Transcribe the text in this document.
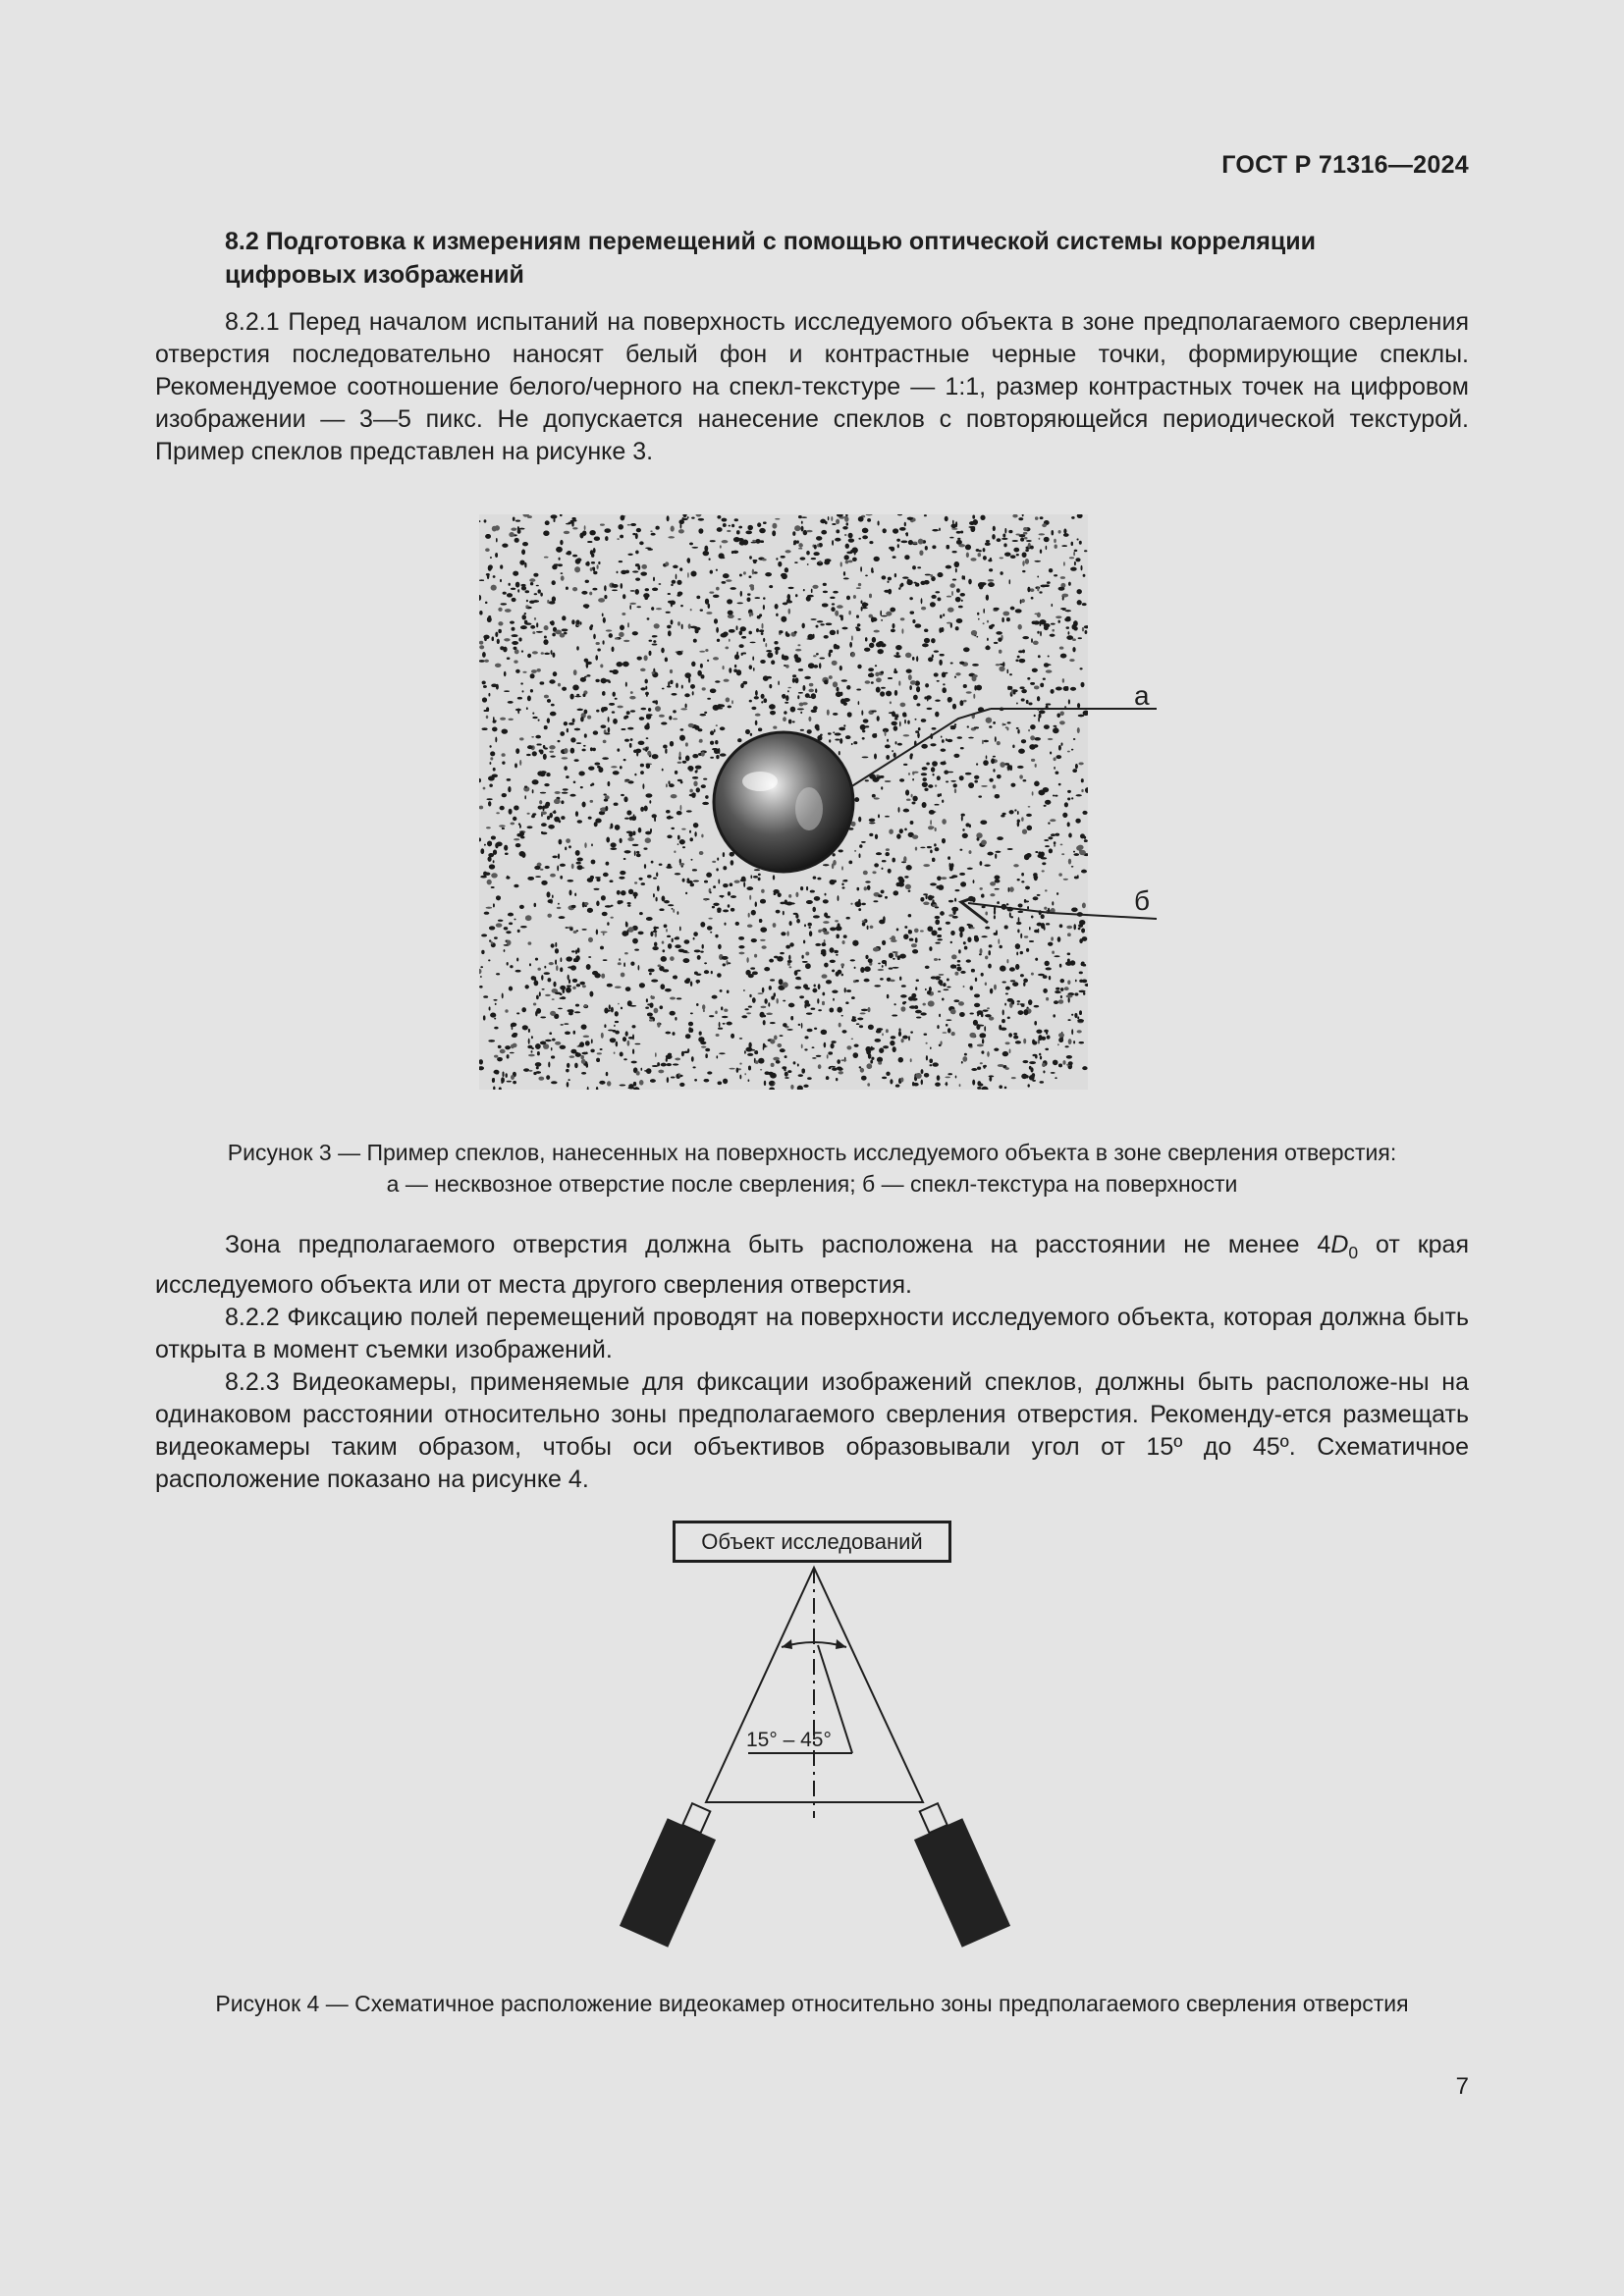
ГОСТ Р 71316—2024
8.2 Подготовка к измерениям перемещений с помощью оптической системы корреляции
цифровых изображений

8.2.1 Перед началом испытаний на поверхность исследуемого объекта в зоне предполагаемого сверления отверстия последовательно наносят белый фон и контрастные черные точки, формирующие спеклы. Рекомендуемое соотношение белого/черного на спекл-текстуре — 1:1, размер контрастных точек на цифровом изображении — 3—5 пикс. Не допускается нанесение спеклов с повторяющейся периодической текстурой. Пример спеклов представлен на рисунке 3.

а
б
Рисунок 3 — Пример спеклов, нанесенных на поверхность исследуемого объекта в зоне сверления отверстия:
а — несквозное отверстие после сверления; б — спекл-текстура на поверхности

Зона предполагаемого отверстия должна быть расположена на расстоянии не менее $4D_0$ от края исследуемого объекта или от места другого сверления отверстия.

8.2.2 Фиксацию полей перемещений проводят на поверхности исследуемого объекта, которая должна быть открыта в момент съемки изображений.

8.2.3 Видеокамеры, применяемые для фиксации изображений спеклов, должны быть расположе-ны на одинаковом расстоянии относительно зоны предполагаемого сверления отверстия. Рекоменду-ется размещать видеокамеры таким образом, чтобы оси объективов образовывали угол от 15º до 45º. Схематичное расположение показано на рисунке 4.

Объект исследований
15° – 45°
Рисунок 4 — Схематичное расположение видеокамер относительно зоны предполагаемого сверления отверстия
7
